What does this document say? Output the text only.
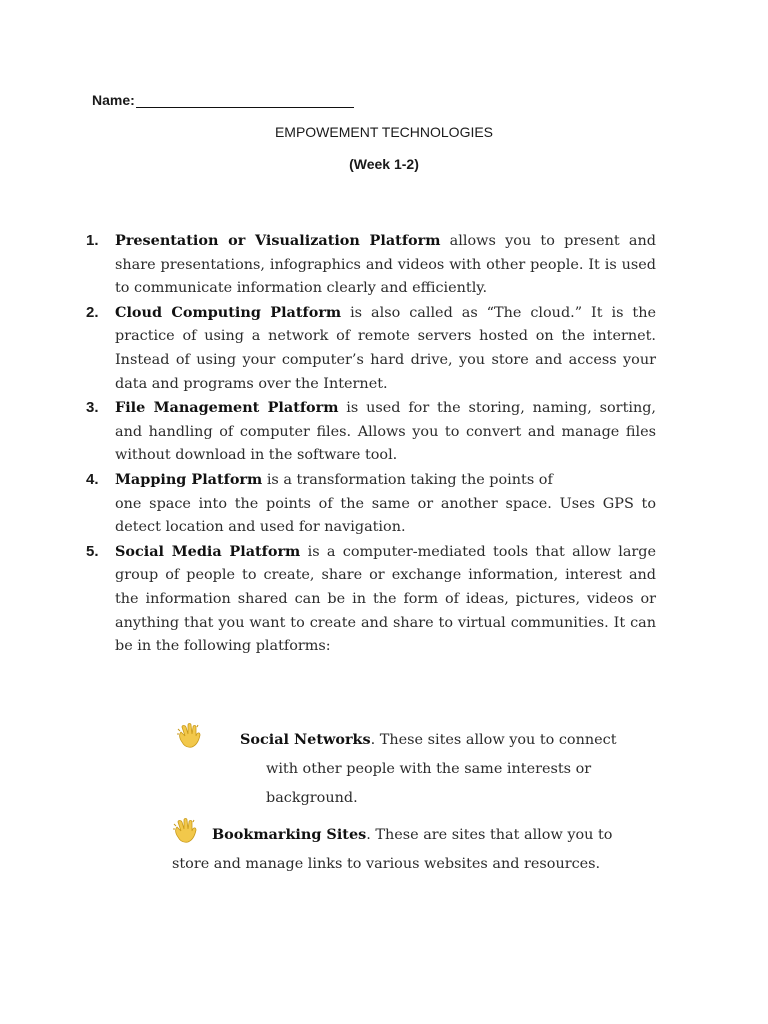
Name:
EMPOWEMENT TECHNOLOGIES
(Week 1-2)
1.	Presentation or Visualization Platform allows you to present and share presentations, infographics and videos with other people. It is used to communicate information clearly and efficiently.
2.	Cloud Computing Platform is also called as “The cloud.” It is the practice of using a network of remote servers hosted on the internet. Instead of using your computer’s hard drive, you store and access your data and programs over the Internet.
3.	File Management Platform is used for the storing, naming, sorting, and handling of computer files. Allows you to convert and manage files without download in the software tool.
4.	Mapping Platform is a transformation taking the points of
one space into the points of the same or another space. Uses GPS to detect location and used for navigation.
5.	Social Media Platform is a computer-mediated tools that allow large group of people to create, share or exchange information, interest and the information shared can be in the form of ideas, pictures, videos or anything that you want to create and share to virtual communities. It can be in the following platforms:
Social Networks. These sites allow you to connect
with other people with the same interests or
background.
Bookmarking Sites. These are sites that allow you to
store and manage links to various websites and resources.
